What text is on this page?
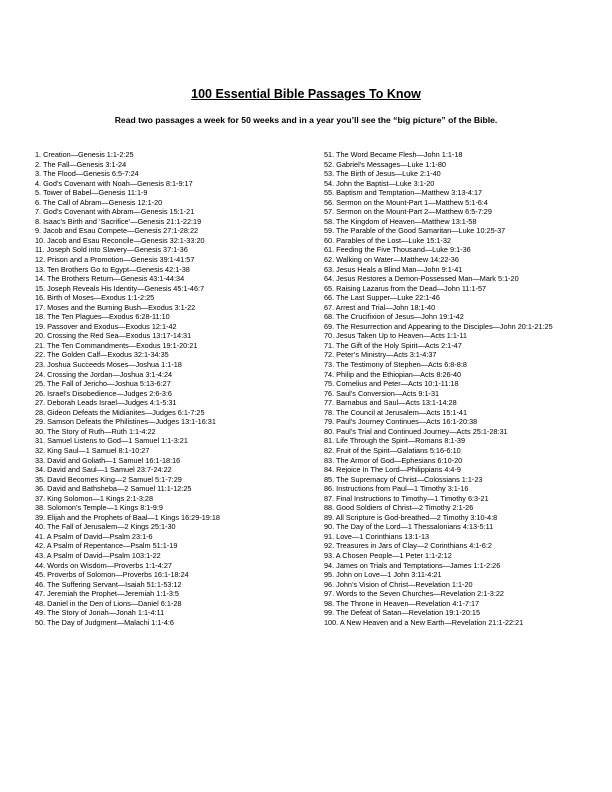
100 Essential Bible Passages To Know
Read two passages a week for 50 weeks and in a year you’ll see the “big picture” of the Bible.
1. Creation—Genesis 1:1-2:25
2. The Fall—Genesis 3:1-24
3. The Flood—Genesis 6:5-7:24
4. God’s Covenant with Noah—Genesis 8:1-9:17
5. Tower of Babel—Genesis 11:1-9
6. The Call of Abram—Genesis 12:1-20
7. God’s Covenant with Abram—Genesis 15:1-21
8. Isaac’s Birth and ‘Sacrifice’—Genesis 21:1-22:19
9. Jacob and Esau Compete—Genesis 27:1-28:22
10. Jacob and Esau Reconcile—Genesis 32:1-33:20
11. Joseph Sold into Slavery—Genesis 37:1-36
12. Prison and a Promotion—Genesis 39:1-41:57
13. Ten Brothers Go to Egypt—Genesis 42:1-38
14. The Brothers Return—Genesis 43:1-44:34
15. Joseph Reveals His Identity—Genesis 45:1-46:7
16. Birth of Moses—Exodus 1:1-2:25
17. Moses and the Burning Bush—Exodus 3:1-22
18. The Ten Plagues—Exodus 6:28-11:10
19. Passover and Exodus—Exodus 12:1-42
20. Crossing the Red Sea—Exodus 13:17-14:31
21. The Ten Commandments—Exodus 19:1-20:21
22. The Golden Calf—Exodus 32:1-34:35
23. Joshua Succeeds Moses—Joshua 1:1-18
24. Crossing the Jordan—Joshua 3:1-4:24
25. The Fall of Jericho—Joshua 5:13-6:27
26. Israel’s Disobedience—Judges 2:6-3:6
27. Deborah Leads Israel—Judges 4:1-5:31
28. Gideon Defeats the Midianites—Judges 6:1-7:25
29. Samson Defeats the Philistines—Judges 13:1-16:31
30. The Story of Ruth—Ruth 1:1-4:22
31. Samuel Listens to God—1 Samuel 1:1-3:21
32. King Saul—1 Samuel 8:1-10:27
33. David and Goliath—1 Samuel 16:1-18:16
34. David and Saul—1 Samuel 23:7-24:22
35. David Becomes King—2 Samuel 5:1-7:29
36. David and Bathsheba—2 Samuel 11:1-12:25
37. King Solomon—1 Kings 2:1-3:28
38. Solomon’s Temple—1 Kings 8:1-9:9
39. Elijah and the Prophets of Baal—1 Kings 16:29-19:18
40. The Fall of Jerusalem—2 Kings 25:1-30
41. A Psalm of David—Psalm 23:1-6
42. A Psalm of Repentance—Psalm 51:1-19
43. A Psalm of David—Psalm 103:1-22
44. Words on Wisdom—Proverbs 1:1-4:27
45. Proverbs of Solomon—Proverbs 16:1-18:24
46. The Suffering Servant—Isaiah 51:1-53:12
47. Jeremiah the Prophet—Jeremiah 1:1-3:5
48. Daniel in the Den of Lions—Daniel 6:1-28
49. The Story of Jonah—Jonah 1:1-4:11
50. The Day of Judgment—Malachi 1:1-4:6
51. The Word Became Flesh—John 1:1-18
52. Gabriel’s Messages—Luke 1:1-80
53. The Birth of Jesus—Luke 2:1-40
54. John the Baptist—Luke 3:1-20
55. Baptism and Temptation—Matthew 3:13-4:17
56. Sermon on the Mount-Part 1—Matthew 5:1-6:4
57. Sermon on the Mount-Part 2—Matthew 6:5-7:29
58. The Kingdom of Heaven—Matthew 13:1-58
59. The Parable of the Good Samaritan—Luke 10:25-37
60. Parables of the Lost—Luke 15:1-32
61. Feeding the Five Thousand—Luke 9:1-36
62. Walking on Water—Matthew 14:22-36
63. Jesus Heals a Blind Man—John 9:1-41
64. Jesus Restores a Demon-Possessed Man—Mark 5:1-20
65. Raising Lazarus from the Dead—John 11:1-57
66. The Last Supper—Luke 22:1-46
67. Arrest and Trial—John 18:1-40
68. The Crucifixion of Jesus—John 19:1-42
69. The Resurrection and Appearing to the Disciples—John 20:1-21:25
70. Jesus Taken Up to Heaven—Acts 1:1-11
71. The Gift of the Holy Spirit—Acts 2:1-47
72. Peter’s Ministry—Acts 3:1-4:37
73. The Testimony of Stephen—Acts 6:8-8:8
74. Philip and the Ethiopian—Acts 8:26-40
75. Cornelius and Peter—Acts 10:1-11:18
76. Saul’s Conversion—Acts 9:1-31
77. Barnabus and Saul—Acts 13:1-14:28
78. The Council at Jerusalem—Acts 15:1-41
79. Paul’s Journey Continues—Acts 16:1-20:38
80. Paul’s Trial and Continued Journey—Acts 25:1-28:31
81. Life Through the Spirit—Romans 8:1-39
82. Fruit of the Spirit—Galatians 5:16-6:10
83. The Armor of God—Ephesians 6:10-20
84. Rejoice In The Lord—Philippians 4:4-9
85. The Supremacy of Christ—Colossians 1:1-23
86. Instructions from Paul—1 Timothy 3:1-16
87. Final Instructions to Timothy—1 Timothy 6:3-21
88. Good Soldiers of Christ—2 Timothy 2:1-26
89. All Scripture is God-breathed—2 Timothy 3:10-4:8
90. The Day of the Lord—1 Thessalonians 4:13-5:11
91. Love—1 Corinthians 13:1-13
92. Treasures in Jars of Clay—2 Corinthians 4:1-6:2
93. A Chosen People—1 Peter 1:1-2:12
94. James on Trials and Temptations—James 1:1-2:26
95. John on Love—1 John 3:11-4:21
96. John’s Vision of Christ—Revelation 1:1-20
97. Words to the Seven Churches—Revelation 2:1-3:22
98. The Throne in Heaven—Revelation 4:1-7:17
99. The Defeat of Satan—Revelation 19:1-20:15
100. A New Heaven and a New Earth—Revelation 21:1-22:21
